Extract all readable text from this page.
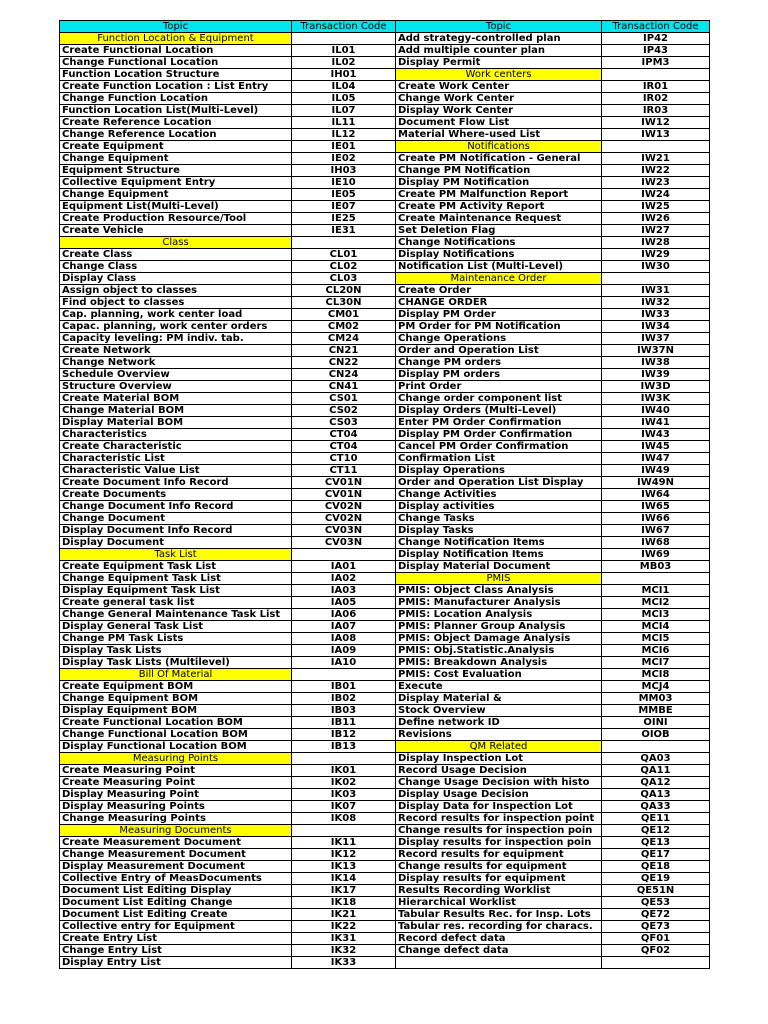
Topic	Transaction Code	Topic	Transaction Code
Function Location & Equipment		Add strategy-controlled plan	IP42
Create Functional Location	IL01	Add multiple counter plan	IP43
Change Functional Location	IL02	Display Permit	IPM3
Function Location Structure	IH01	Work centers	
Create Function Location : List Entry	IL04	Create Work Center	IR01
Change Function Location	IL05	Change Work Center	IR02
Function Location List(Multi-Level)	IL07	Display Work Center	IR03
Create Reference Location	IL11	Document Flow List	IW12
Change Reference Location	IL12	Material Where-used List	IW13
Create Equipment	IE01	Notifications	
Change Equipment	IE02	Create PM Notification - General	IW21
Equipment Structure	IH03	Change PM Notification	IW22
Collective Equipment Entry	IE10	Display PM Notification	IW23
Change Equipment	IE05	Create PM Malfunction Report	IW24
Equipment List(Multi-Level)	IE07	Create PM Activity Report	IW25
Create Production Resource/Tool	IE25	Create Maintenance Request	IW26
Create Vehicle	IE31	Set Deletion Flag	IW27
Class		Change Notifications	IW28
Create Class	CL01	Display Notifications	IW29
Change Class	CL02	Notification List (Multi-Level)	IW30
Display Class	CL03	Maintenance Order	
Assign object to classes	CL20N	Create Order	IW31
Find object to classes	CL30N	CHANGE ORDER	IW32
Cap. planning, work center load	CM01	Display PM Order	IW33
Capac. planning, work center orders	CM02	PM Order for PM Notification	IW34
Capacity leveling: PM indiv. tab.	CM24	Change Operations	IW37
Create Network	CN21	Order and Operation List	IW37N
Change Network	CN22	Change PM orders	IW38
Schedule Overview	CN24	Display PM orders	IW39
Structure Overview	CN41	Print Order	IW3D
Create Material BOM	CS01	Change order component list	IW3K
Change Material BOM	CS02	Display Orders (Multi-Level)	IW40
Display Material BOM	CS03	Enter PM Order Confirmation	IW41
Characteristics	CT04	Display PM Order Confirmation	IW43
Create Characteristic	CT04	Cancel PM Order Confirmation	IW45
Characteristic List	CT10	Confirmation List	IW47
Characteristic Value List	CT11	Display Operations	IW49
Create Document Info Record	CV01N	Order and Operation List Display	IW49N
Create Documents	CV01N	Change Activities	IW64
Change Document Info Record	CV02N	Display activities	IW65
Change Document	CV02N	Change Tasks	IW66
Display Document Info Record	CV03N	Display Tasks	IW67
Display Document	CV03N	Change Notification Items	IW68
Task List		Display Notification Items	IW69
Create Equipment Task List	IA01	Display Material Document	MB03
Change Equipment Task List	IA02	PMIS	
Display Equipment Task List	IA03	PMIS: Object Class Analysis	MCI1
Create general task list	IA05	PMIS: Manufacturer Analysis	MCI2
Change General Maintenance Task List	IA06	PMIS: Location Analysis	MCI3
Display General Task List	IA07	PMIS: Planner Group Analysis	MCI4
Change PM Task Lists	IA08	PMIS: Object Damage Analysis	MCI5
Display Task Lists	IA09	PMIS: Obj.Statistic.Analysis	MCI6
Display Task Lists (Multilevel)	IA10	PMIS: Breakdown Analysis	MCI7
Bill Of Material		PMIS: Cost Evaluation	MCI8
Create Equipment BOM	IB01	Execute	MCJ4
Change Equipment BOM	IB02	Display Material &	MM03
Display Equipment BOM	IB03	Stock Overview	MMBE
Create Functional Location BOM	IB11	Define network ID	OINI
Change Functional Location BOM	IB12	Revisions	OIOB
Display Functional Location BOM	IB13	QM Related	
Measuring Points		Display Inspection Lot	QA03
Create Measuring Point	IK01	Record Usage Decision	QA11
Create Measuring Point	IK02	Change Usage Decision with histo	QA12
Display Measuring Point	IK03	Display Usage Decision	QA13
Display Measuring Points	IK07	Display Data for Inspection Lot	QA33
Change Measuring Points	IK08	Record results for inspection point	QE11
Measuring Documents		Change results for inspection poin	QE12
Create Measurement Document	IK11	Display results for inspection poin	QE13
Change Measurement Document	IK12	Record results for equipment	QE17
Display Measurement Document	IK13	Change results for equipment	QE18
Collective Entry of MeasDocuments	IK14	Display results for equipment	QE19
Document List Editing Display	IK17	Results Recording Worklist	QE51N
Document List Editing Change	IK18	Hierarchical Worklist	QE53
Document List Editing Create	IK21	Tabular Results Rec. for Insp. Lots	QE72
Collective entry for Equipment	IK22	Tabular res. recording for characs.	QE73
Create Entry List	IK31	Record defect data	QF01
Change Entry List	IK32	Change defect data	QF02
Display Entry List	IK33		
